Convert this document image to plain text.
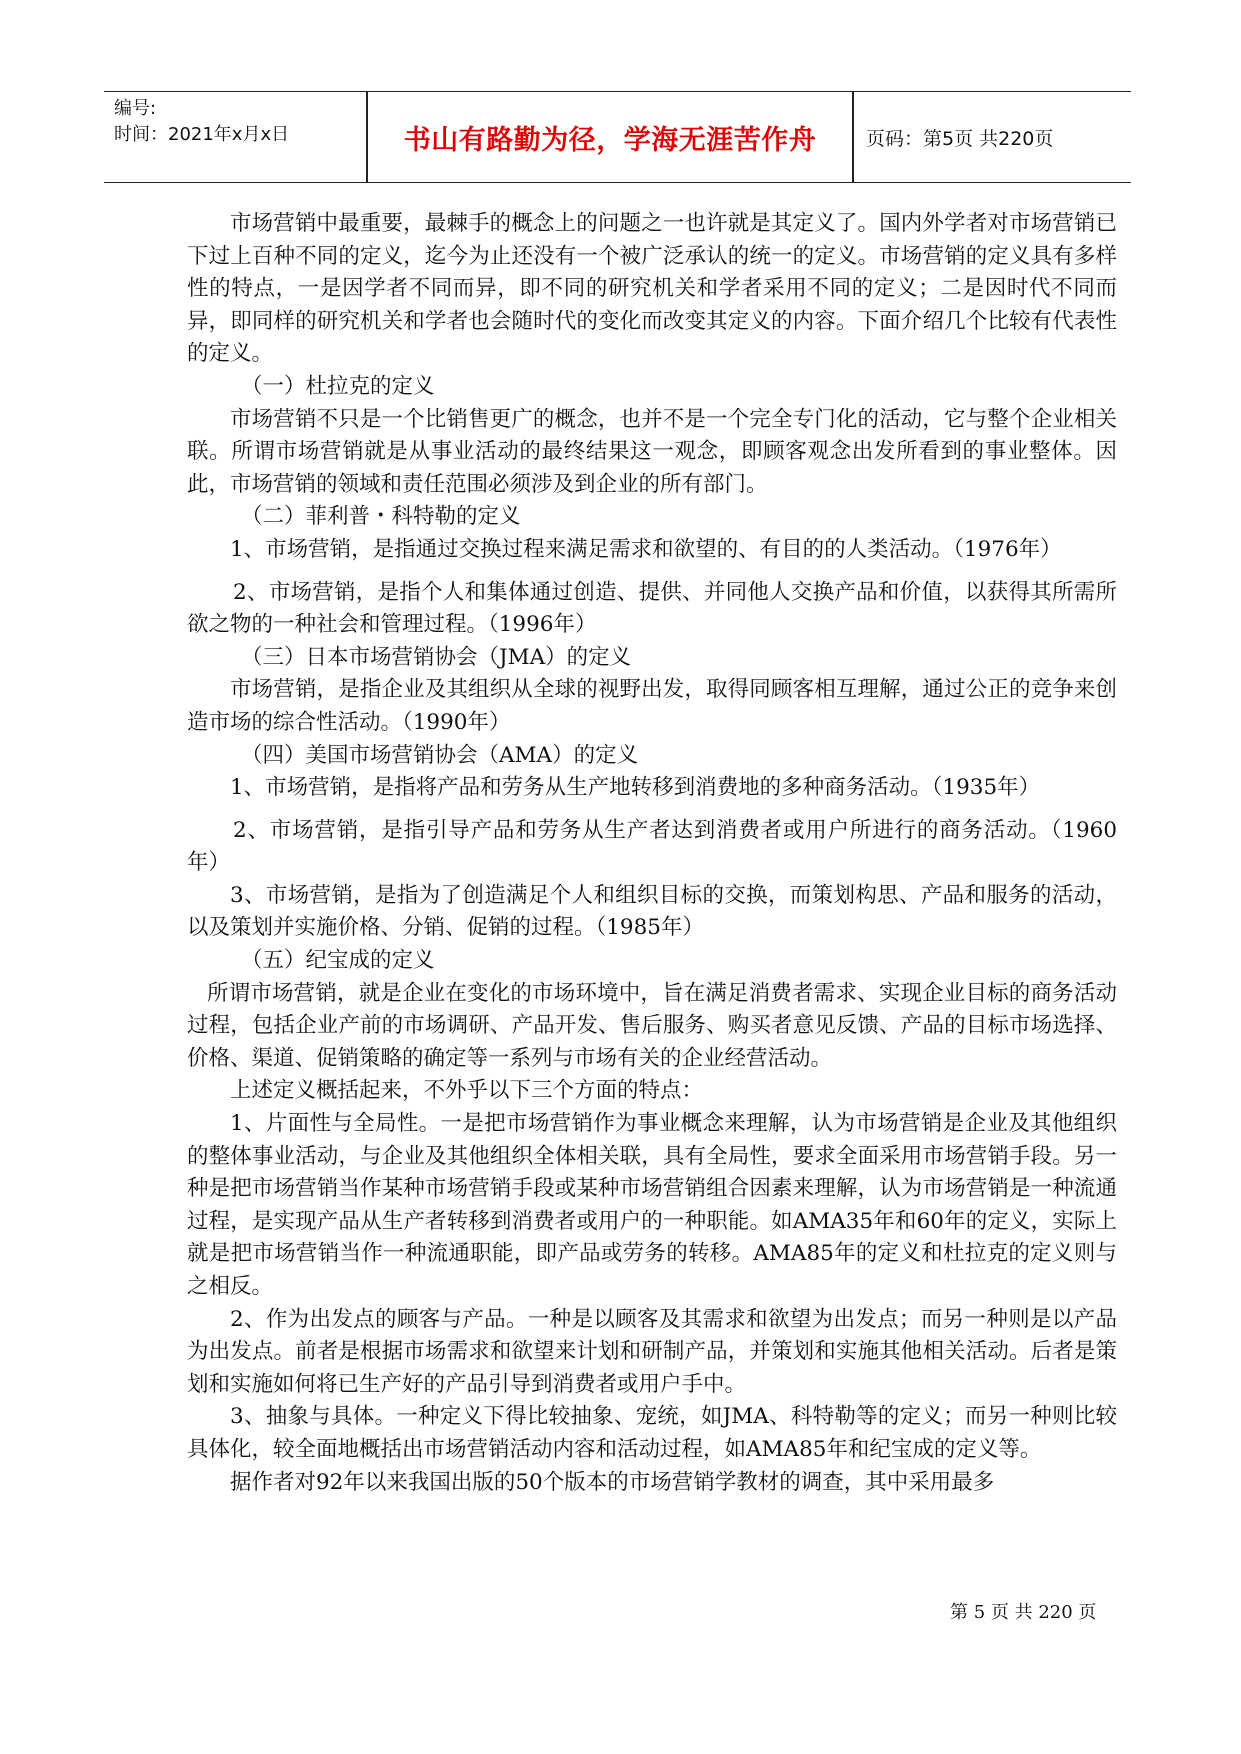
编号:
时间：2021年x月x日	书山有路勤为径，学海无涯苦作舟	页码：第5页 共220页

市场营销中最重要，最棘手的概念上的问题之一也许就是其定义了。国内外学者对市场营销已下过上百种不同的定义，迄今为止还没有一个被广泛承认的统一的定义。市场营销的定义具有多样性的特点，一是因学者不同而异，即不同的研究机关和学者采用不同的定义；二是因时代不同而异，即同样的研究机关和学者也会随时代的变化而改变其定义的内容。下面介绍几个比较有代表性的定义。

（一）杜拉克的定义

市场营销不只是一个比销售更广的概念，也并不是一个完全专门化的活动，它与整个企业相关联。所谓市场营销就是从事业活动的最终结果这一观念，即顾客观念出发所看到的事业整体。因此，市场营销的领域和责任范围必须涉及到企业的所有部门。

（二）菲利普・科特勒的定义

1、市场营销，是指通过交换过程来满足需求和欲望的、有目的的人类活动。（1976年）

2、市场营销，是指个人和集体通过创造、提供、并同他人交换产品和价值，以获得其所需所欲之物的一种社会和管理过程。（1996年）

（三）日本市场营销协会（JMA）的定义

市场营销，是指企业及其组织从全球的视野出发，取得同顾客相互理解，通过公正的竞争来创造市场的综合性活动。（1990年）

（四）美国市场营销协会（AMA）的定义

1、市场营销，是指将产品和劳务从生产地转移到消费地的多种商务活动。（1935年）

2、市场营销，是指引导产品和劳务从生产者达到消费者或用户所进行的商务活动。（1960年）

3、市场营销，是指为了创造满足个人和组织目标的交换，而策划构思、产品和服务的活动，以及策划并实施价格、分销、促销的过程。（1985年）

（五）纪宝成的定义

所谓市场营销，就是企业在变化的市场环境中，旨在满足消费者需求、实现企业目标的商务活动过程，包括企业产前的市场调研、产品开发、售后服务、购买者意见反馈、产品的目标市场选择、价格、渠道、促销策略的确定等一系列与市场有关的企业经营活动。

上述定义概括起来，不外乎以下三个方面的特点：

1、片面性与全局性。一是把市场营销作为事业概念来理解，认为市场营销是企业及其他组织的整体事业活动，与企业及其他组织全体相关联，具有全局性，要求全面采用市场营销手段。另一种是把市场营销当作某种市场营销手段或某种市场营销组合因素来理解，认为市场营销是一种流通过程，是实现产品从生产者转移到消费者或用户的一种职能。如AMA35年和60年的定义，实际上就是把市场营销当作一种流通职能，即产品或劳务的转移。AMA85年的定义和杜拉克的定义则与之相反。

2、作为出发点的顾客与产品。一种是以顾客及其需求和欲望为出发点；而另一种则是以产品为出发点。前者是根据市场需求和欲望来计划和研制产品，并策划和实施其他相关活动。后者是策划和实施如何将已生产好的产品引导到消费者或用户手中。

3、抽象与具体。一种定义下得比较抽象、宠统，如JMA、科特勒等的定义；而另一种则比较具体化，较全面地概括出市场营销活动内容和活动过程，如AMA85年和纪宝成的定义等。

据作者对92年以来我国出版的50个版本的市场营销学教材的调查，其中采用最多

第 5 页 共 220 页
